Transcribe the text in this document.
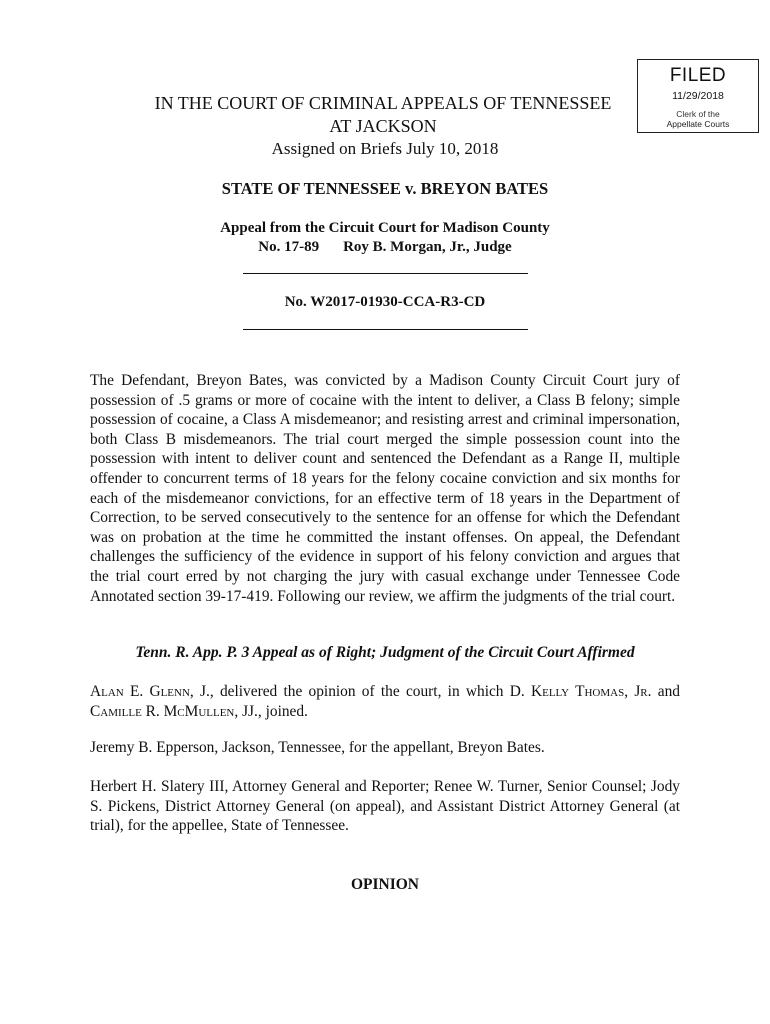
FILED
11/29/2018
Clerk of the
Appellate Courts
IN THE COURT OF CRIMINAL APPEALS OF TENNESSEE
AT JACKSON
Assigned on Briefs July 10, 2018
STATE OF TENNESSEE v. BREYON BATES
Appeal from the Circuit Court for Madison County
No. 17-89 Roy B. Morgan, Jr., Judge
No. W2017-01930-CCA-R3-CD
The Defendant, Breyon Bates, was convicted by a Madison County Circuit Court jury of possession of .5 grams or more of cocaine with the intent to deliver, a Class B felony; simple possession of cocaine, a Class A misdemeanor; and resisting arrest and criminal impersonation, both Class B misdemeanors. The trial court merged the simple possession count into the possession with intent to deliver count and sentenced the Defendant as a Range II, multiple offender to concurrent terms of 18 years for the felony cocaine conviction and six months for each of the misdemeanor convictions, for an effective term of 18 years in the Department of Correction, to be served consecutively to the sentence for an offense for which the Defendant was on probation at the time he committed the instant offenses. On appeal, the Defendant challenges the sufficiency of the evidence in support of his felony conviction and argues that the trial court erred by not charging the jury with casual exchange under Tennessee Code Annotated section 39-17-419. Following our review, we affirm the judgments of the trial court.
Tenn. R. App. P. 3 Appeal as of Right; Judgment of the Circuit Court Affirmed
Alan E. Glenn, J., delivered the opinion of the court, in which D. Kelly Thomas, Jr. and Camille R. McMullen, JJ., joined.
Jeremy B. Epperson, Jackson, Tennessee, for the appellant, Breyon Bates.
Herbert H. Slatery III, Attorney General and Reporter; Renee W. Turner, Senior Counsel; Jody S. Pickens, District Attorney General (on appeal), and Assistant District Attorney General (at trial), for the appellee, State of Tennessee.
OPINION
